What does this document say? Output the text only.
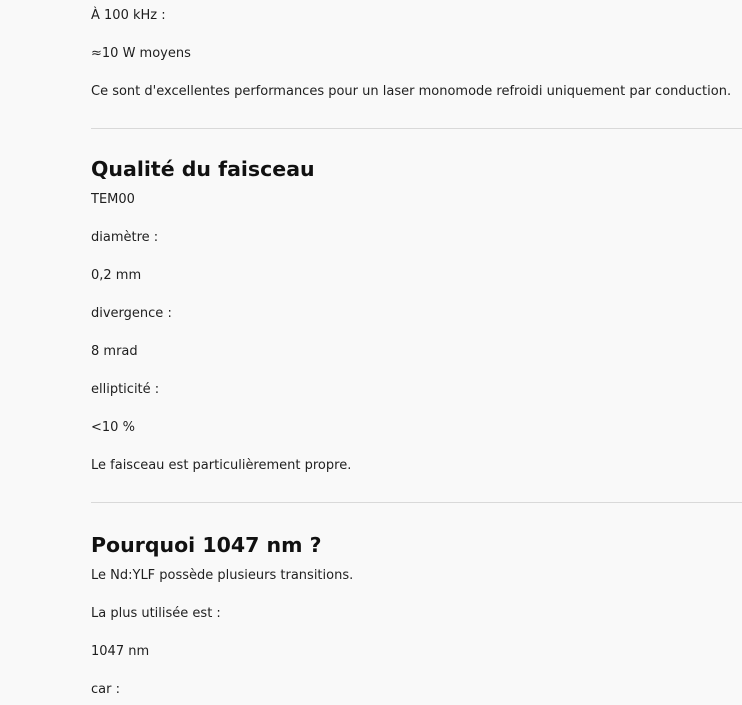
À 100 kHz :

≈10 W moyens

Ce sont d'excellentes performances pour un laser monomode refroidi uniquement par conduction.

Qualité du faisceau

TEM00

diamètre :

0,2 mm

divergence :

8 mrad

ellipticité :

<10 %

Le faisceau est particulièrement propre.

Pourquoi 1047 nm ?

Le Nd:YLF possède plusieurs transitions.

La plus utilisée est :

1047 nm

car :
